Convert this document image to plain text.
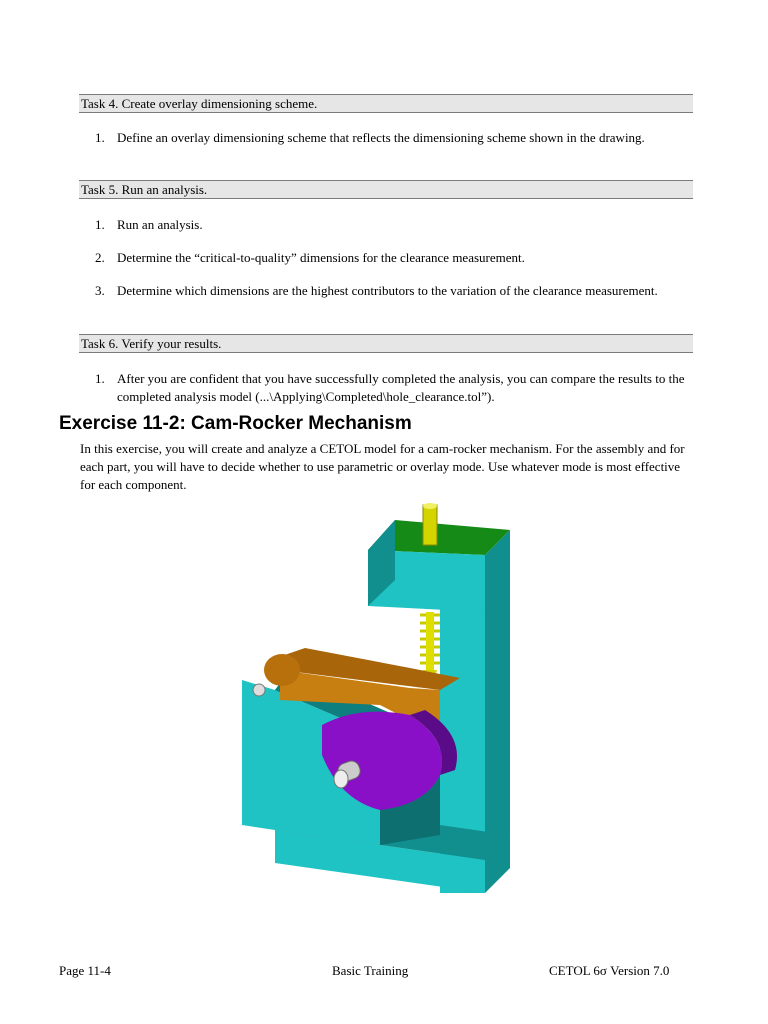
Task 4. Create overlay dimensioning scheme.
1. Define an overlay dimensioning scheme that reflects the dimensioning scheme shown in the drawing.
Task 5. Run an analysis.
1. Run an analysis.
2. Determine the “critical-to-quality” dimensions for the clearance measurement.
3. Determine which dimensions are the highest contributors to the variation of the clearance measurement.
Task 6. Verify your results.
1. After you are confident that you have successfully completed the analysis, you can compare the results to the completed analysis model (...\Applying\Completed\hole_clearance.tol”).
Exercise 11-2: Cam-Rocker Mechanism
In this exercise, you will create and analyze a CETOL model for a cam-rocker mechanism. For the assembly and for each part, you will have to decide whether to use parametric or overlay mode. Use whatever mode is most effective for each component.
Page 11-4	Basic Training	CETOL 6σ Version 7.0
